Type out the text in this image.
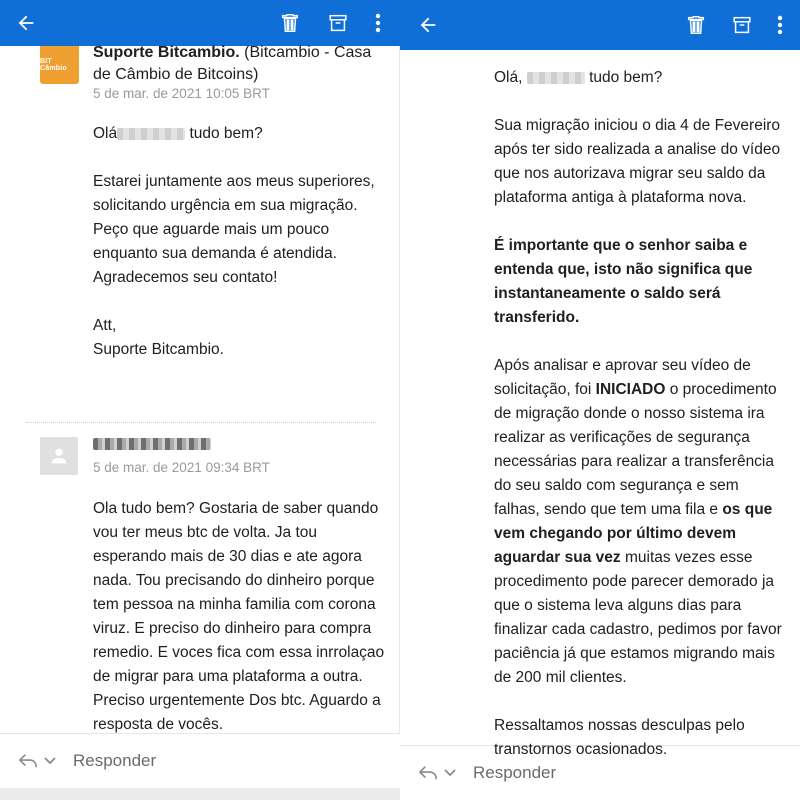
BIT Câmbio
Suporte Bitcambio. (Bitcambio - Casa de Câmbio de Bitcoins)
5 de mar. de 2021 10:05 BRT

Olá	tudo bem?

Estarei juntamente aos meus superiores, solicitando urgência em sua migração. Peço que aguarde mais um pouco enquanto sua demanda é atendida. Agradecemos seu contato!

Att,

Suporte Bitcambio.

5 de mar. de 2021 09:34 BRT
Ola tudo bem? Gostaria de saber quando vou ter meus btc de volta. Ja tou esperando mais de 30 dias e ate agora nada. Tou precisando do dinheiro porque tem pessoa na minha familia com corona viruz. E preciso do dinheiro para compra remedio. E voces fica com essa inrrolaçao de migrar para uma plataforma a outra. Preciso urgentemente Dos btc. Aguardo a resposta de vocês.
Responder
Responder

Olá,	tudo bem?

Sua migração iniciou o dia 4 de Fevereiro após ter sido realizada a analise do vídeo que nos autorizava migrar seu saldo da plataforma antiga à plataforma nova.

É importante que o senhor saiba e entenda que, isto não significa que instantaneamente o saldo será transferido.

Após analisar e aprovar seu vídeo de solicitação, foi INICIADO o procedimento de migração donde o nosso sistema ira realizar as verificações de segurança necessárias para realizar a transferência do seu saldo com segurança e sem falhas, sendo que tem uma fila e os que vem chegando por último devem aguardar sua vez muitas vezes esse procedimento pode parecer demorado ja que o sistema leva alguns dias para finalizar cada cadastro, pedimos por favor paciência já que estamos migrando mais de 200 mil clientes.

Ressaltamos nossas desculpas pelo transtornos ocasionados.
